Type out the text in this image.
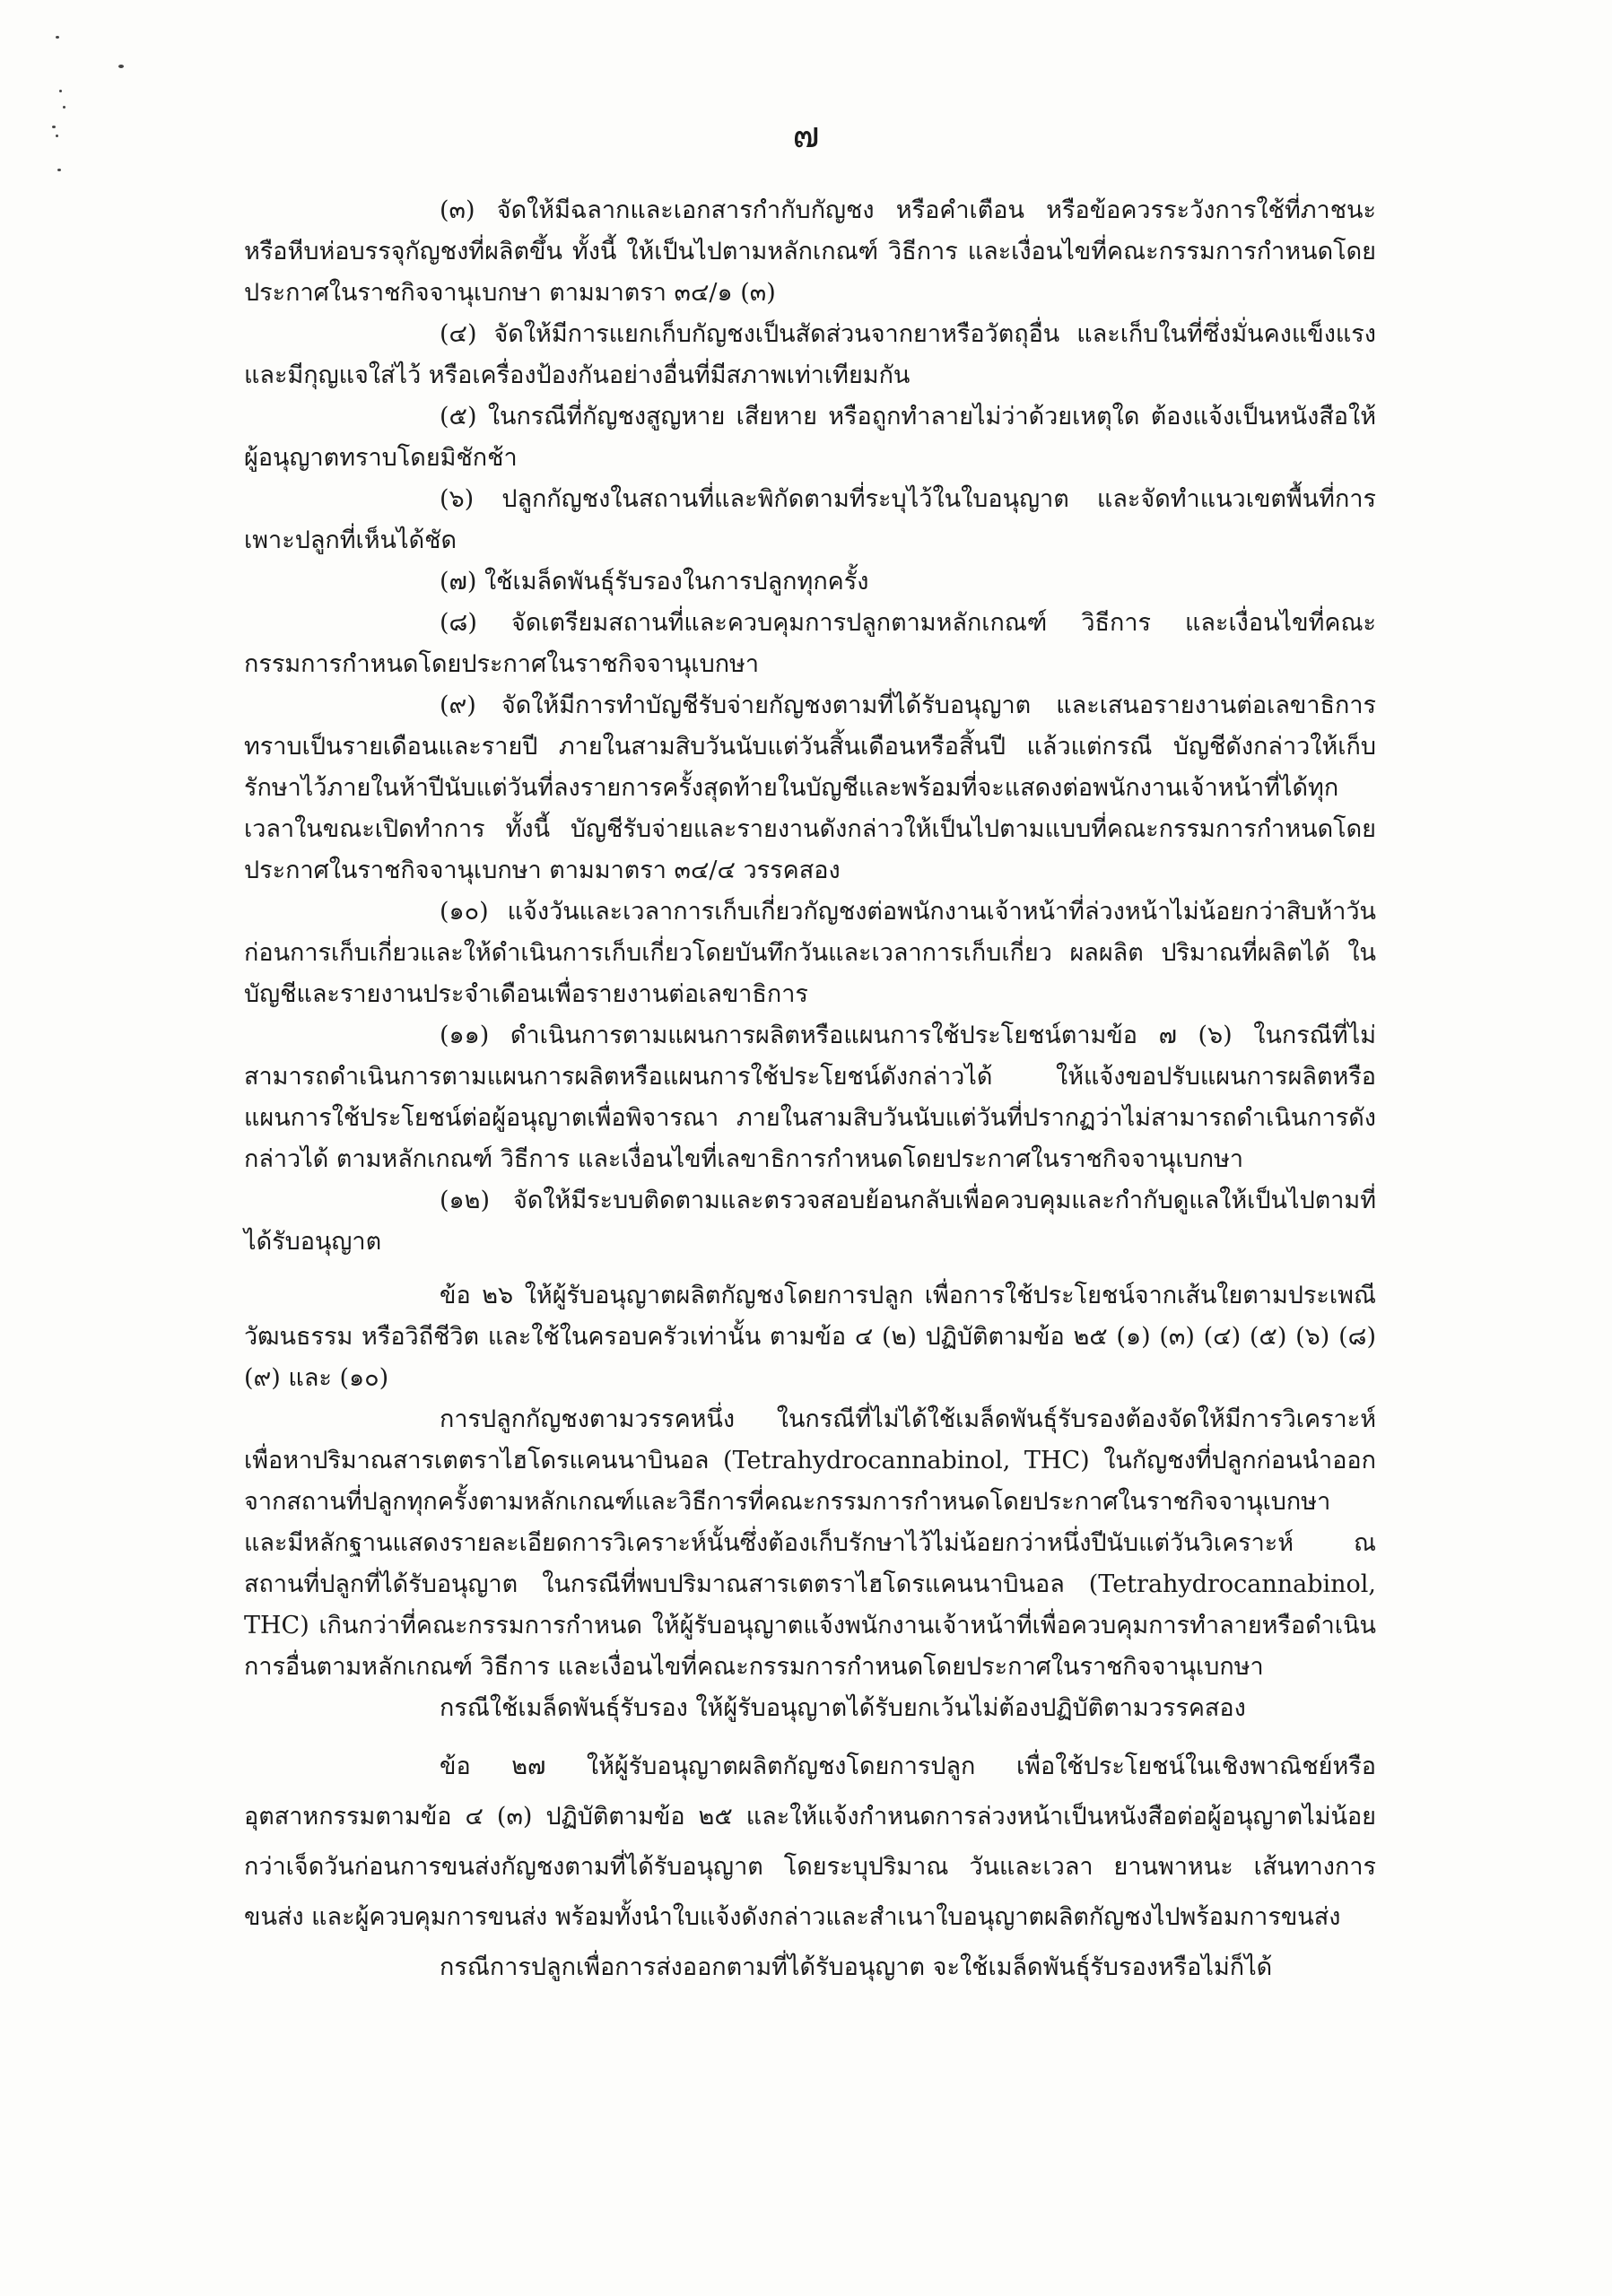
๗

(๓) จัดให้มีฉลากและเอกสารกำกับกัญชง หรือคำเตือน หรือข้อควรระวังการใช้ที่ภาชนะหรือหีบห่อบรรจุกัญชงที่ผลิตขึ้น ทั้งนี้ ให้เป็นไปตามหลักเกณฑ์ วิธีการ และเงื่อนไขที่คณะกรรมการกำหนดโดยประกาศในราชกิจจานุเบกษา ตามมาตรา ๓๔/๑ (๓)

(๔) จัดให้มีการแยกเก็บกัญชงเป็นสัดส่วนจากยาหรือวัตถุอื่น และเก็บในที่ซึ่งมั่นคงแข็งแรงและมีกุญแจใส่ไว้ หรือเครื่องป้องกันอย่างอื่นที่มีสภาพเท่าเทียมกัน

(๕) ในกรณีที่กัญชงสูญหาย เสียหาย หรือถูกทำลายไม่ว่าด้วยเหตุใด ต้องแจ้งเป็นหนังสือให้ผู้อนุญาตทราบโดยมิชักช้า

(๖) ปลูกกัญชงในสถานที่และพิกัดตามที่ระบุไว้ในใบอนุญาต และจัดทำแนวเขตพื้นที่การเพาะปลูกที่เห็นได้ชัด

(๗) ใช้เมล็ดพันธุ์รับรองในการปลูกทุกครั้ง

(๘) จัดเตรียมสถานที่และควบคุมการปลูกตามหลักเกณฑ์ วิธีการ และเงื่อนไขที่คณะกรรมการกำหนดโดยประกาศในราชกิจจานุเบกษา

(๙) จัดให้มีการทำบัญชีรับจ่ายกัญชงตามที่ได้รับอนุญาต และเสนอรายงานต่อเลขาธิการทราบเป็นรายเดือนและรายปี ภายในสามสิบวันนับแต่วันสิ้นเดือนหรือสิ้นปี แล้วแต่กรณี บัญชีดังกล่าวให้เก็บรักษาไว้ภายในห้าปีนับแต่วันที่ลงรายการครั้งสุดท้ายในบัญชีและพร้อมที่จะแสดงต่อพนักงานเจ้าหน้าที่ได้ทุกเวลาในขณะเปิดทำการ ทั้งนี้ บัญชีรับจ่ายและรายงานดังกล่าวให้เป็นไปตามแบบที่คณะกรรมการกำหนดโดยประกาศในราชกิจจานุเบกษา ตามมาตรา ๓๔/๔ วรรคสอง

(๑๐) แจ้งวันและเวลาการเก็บเกี่ยวกัญชงต่อพนักงานเจ้าหน้าที่ล่วงหน้าไม่น้อยกว่าสิบห้าวันก่อนการเก็บเกี่ยวและให้ดำเนินการเก็บเกี่ยวโดยบันทึกวันและเวลาการเก็บเกี่ยว ผลผลิต ปริมาณที่ผลิตได้ ในบัญชีและรายงานประจำเดือนเพื่อรายงานต่อเลขาธิการ

(๑๑) ดำเนินการตามแผนการผลิตหรือแผนการใช้ประโยชน์ตามข้อ ๗ (๖) ในกรณีที่ไม่สามารถดำเนินการตามแผนการผลิตหรือแผนการใช้ประโยชน์ดังกล่าวได้ ให้แจ้งขอปรับแผนการผลิตหรือแผนการใช้ประโยชน์ต่อผู้อนุญาตเพื่อพิจารณา ภายในสามสิบวันนับแต่วันที่ปรากฏว่าไม่สามารถดำเนินการดังกล่าวได้ ตามหลักเกณฑ์ วิธีการ และเงื่อนไขที่เลขาธิการกำหนดโดยประกาศในราชกิจจานุเบกษา

(๑๒) จัดให้มีระบบติดตามและตรวจสอบย้อนกลับเพื่อควบคุมและกำกับดูแลให้เป็นไปตามที่ได้รับอนุญาต

ข้อ ๒๖ ให้ผู้รับอนุญาตผลิตกัญชงโดยการปลูก เพื่อการใช้ประโยชน์จากเส้นใยตามประเพณี วัฒนธรรม หรือวิถีชีวิต และใช้ในครอบครัวเท่านั้น ตามข้อ ๔ (๒) ปฏิบัติตามข้อ ๒๕ (๑) (๓) (๔) (๕) (๖) (๘) (๙) และ (๑๐)

การปลูกกัญชงตามวรรคหนึ่ง ในกรณีที่ไม่ได้ใช้เมล็ดพันธุ์รับรองต้องจัดให้มีการวิเคราะห์เพื่อหาปริมาณสารเตตราไฮโดรแคนนาบินอล (Tetrahydrocannabinol, THC) ในกัญชงที่ปลูกก่อนนำออกจากสถานที่ปลูกทุกครั้งตามหลักเกณฑ์และวิธีการที่คณะกรรมการกำหนดโดยประกาศในราชกิจจานุเบกษา และมีหลักฐานแสดงรายละเอียดการวิเคราะห์นั้นซึ่งต้องเก็บรักษาไว้ไม่น้อยกว่าหนึ่งปีนับแต่วันวิเคราะห์ ณ สถานที่ปลูกที่ได้รับอนุญาต ในกรณีที่พบปริมาณสารเตตราไฮโดรแคนนาบินอล (Tetrahydrocannabinol, THC) เกินกว่าที่คณะกรรมการกำหนด ให้ผู้รับอนุญาตแจ้งพนักงานเจ้าหน้าที่เพื่อควบคุมการทำลายหรือดำเนินการอื่นตามหลักเกณฑ์ วิธีการ และเงื่อนไขที่คณะกรรมการกำหนดโดยประกาศในราชกิจจานุเบกษา

กรณีใช้เมล็ดพันธุ์รับรอง ให้ผู้รับอนุญาตได้รับยกเว้นไม่ต้องปฏิบัติตามวรรคสอง

ข้อ ๒๗ ให้ผู้รับอนุญาตผลิตกัญชงโดยการปลูก เพื่อใช้ประโยชน์ในเชิงพาณิชย์หรืออุตสาหกรรมตามข้อ ๔ (๓) ปฏิบัติตามข้อ ๒๕ และให้แจ้งกำหนดการล่วงหน้าเป็นหนังสือต่อผู้อนุญาตไม่น้อยกว่าเจ็ดวันก่อนการขนส่งกัญชงตามที่ได้รับอนุญาต โดยระบุปริมาณ วันและเวลา ยานพาหนะ เส้นทางการขนส่ง และผู้ควบคุมการขนส่ง พร้อมทั้งนำใบแจ้งดังกล่าวและสำเนาใบอนุญาตผลิตกัญชงไปพร้อมการขนส่ง

กรณีการปลูกเพื่อการส่งออกตามที่ได้รับอนุญาต จะใช้เมล็ดพันธุ์รับรองหรือไม่ก็ได้
